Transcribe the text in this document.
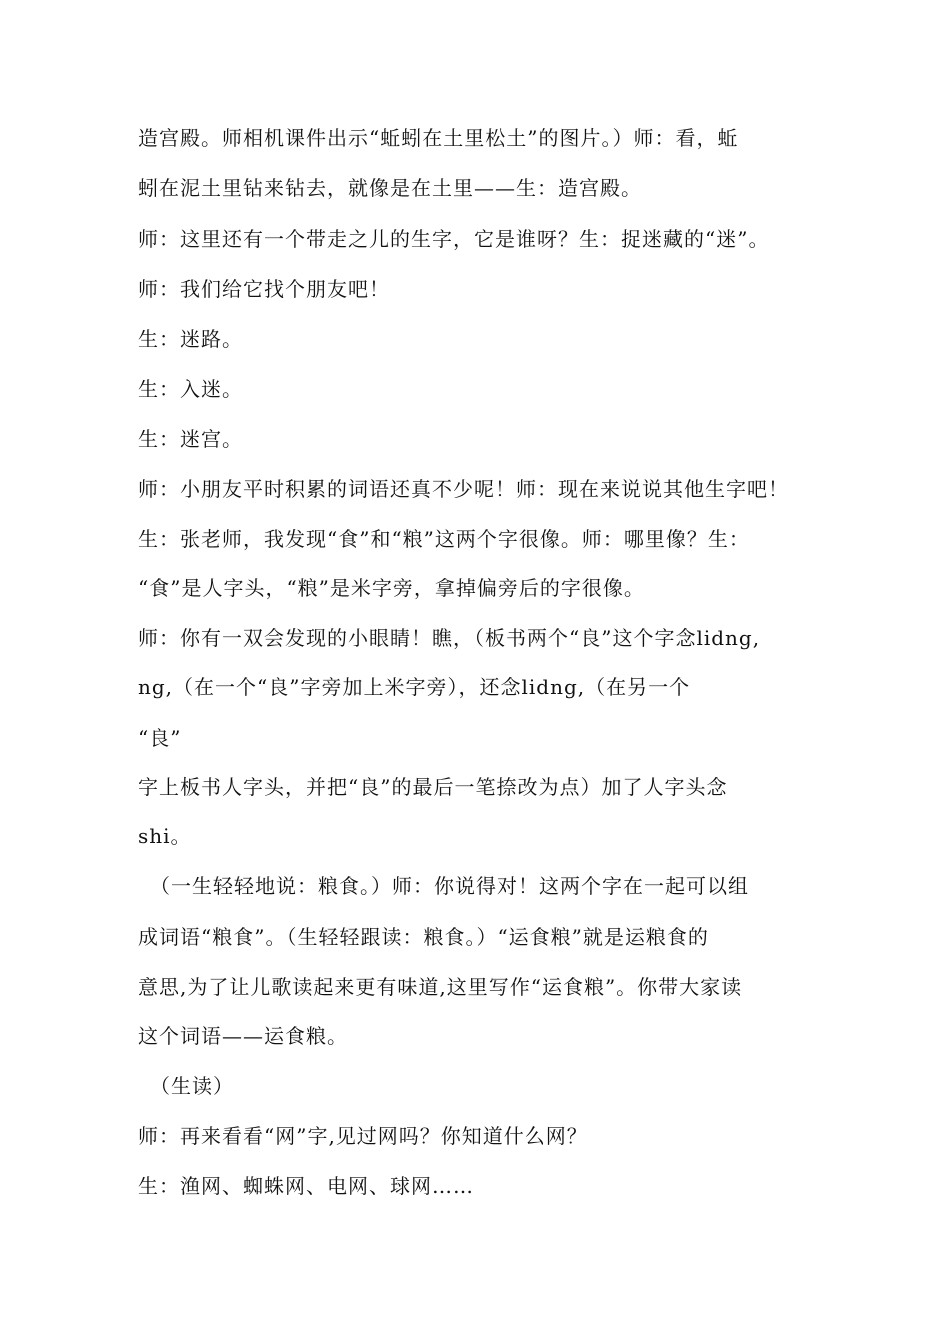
造宫殿。师相机课件出示“蚯蚓在土里松土”的图片。）师：看，蚯
蚓在泥土里钻来钻去，就像是在土里——生：造宫殿。
师：这里还有一个带走之儿的生字，它是谁呀？生：捉迷藏的“迷”。
师：我们给它找个朋友吧！
生：迷路。
生：入迷。
生：迷宫。
师：小朋友平时积累的词语还真不少呢！师：现在来说说其他生字吧！
生：张老师，我发现“食”和“粮”这两个字很像。师：哪里像？生：
“食”是人字头，“粮”是米字旁，拿掉偏旁后的字很像。
师：你有一双会发现的小眼睛！瞧，（板书两个“良”这个字念lidng,
ng,（在一个“良”字旁加上米字旁），还念lidng,（在另一个
“良”
字上板书人字头，并把“良”的最后一笔捺改为点）加了人字头念
shi。
（一生轻轻地说：粮食。）师：你说得对！这两个字在一起可以组
成词语“粮食”。（生轻轻跟读：粮食。）“运食粮”就是运粮食的
意思,为了让儿歌读起来更有味道,这里写作“运食粮”。你带大家读
这个词语——运食粮。
（生读）
师：再来看看“网”字,见过网吗？你知道什么网？
生：渔网、蜘蛛网、电网、球网……
